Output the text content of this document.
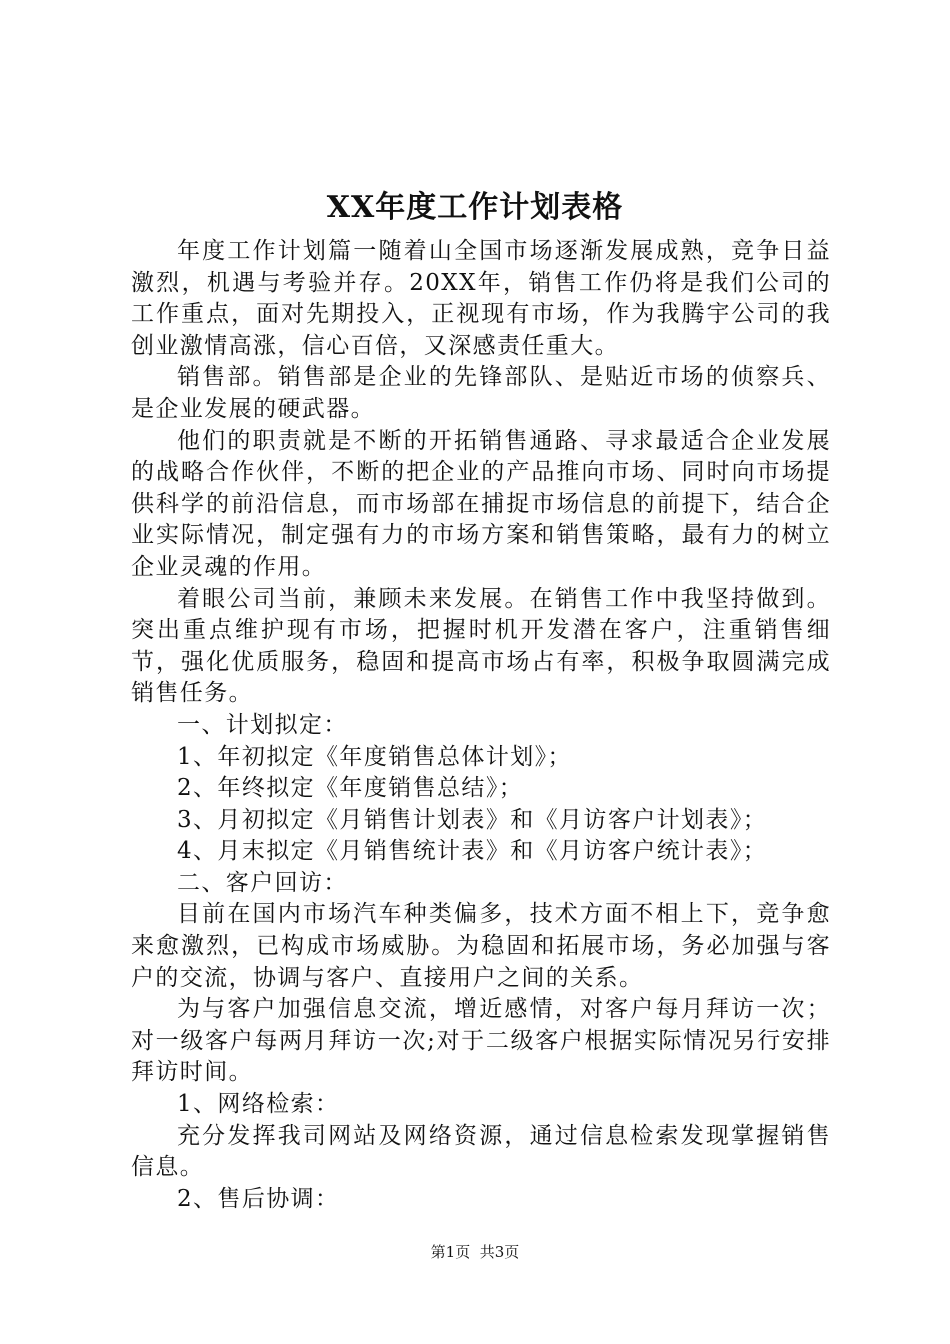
XX年度工作计划表格

年度工作计划篇一随着山全国市场逐渐发展成熟，竞争日益激烈，机遇与考验并存。20XX年，销售工作仍将是我们公司的工作重点，面对先期投入，正视现有市场，作为我腾宇公司的我创业激情高涨，信心百倍，又深感责任重大。

销售部。销售部是企业的先锋部队、是贴近市场的侦察兵、是企业发展的硬武器。

他们的职责就是不断的开拓销售通路、寻求最适合企业发展的战略合作伙伴，不断的把企业的产品推向市场、同时向市场提供科学的前沿信息，而市场部在捕捉市场信息的前提下，结合企业实际情况，制定强有力的市场方案和销售策略，最有力的树立企业灵魂的作用。

着眼公司当前，兼顾未来发展。在销售工作中我坚持做到。突出重点维护现有市场，把握时机开发潜在客户，注重销售细节，强化优质服务，稳固和提高市场占有率，积极争取圆满完成销售任务。

一、计划拟定：

1、年初拟定《年度销售总体计划》；

2、年终拟定《年度销售总结》；

3、月初拟定《月销售计划表》和《月访客户计划表》；

4、月末拟定《月销售统计表》和《月访客户统计表》；

二、客户回访：

目前在国内市场汽车种类偏多，技术方面不相上下，竞争愈来愈激烈，已构成市场威胁。为稳固和拓展市场，务必加强与客户的交流，协调与客户、直接用户之间的关系。

为与客户加强信息交流，增近感情，对客户每月拜访一次；对一级客户每两月拜访一次;对于二级客户根据实际情况另行安排拜访时间。

1、网络检索：

充分发挥我司网站及网络资源，通过信息检索发现掌握销售信息。

2、售后协调：

第1页 共3页
